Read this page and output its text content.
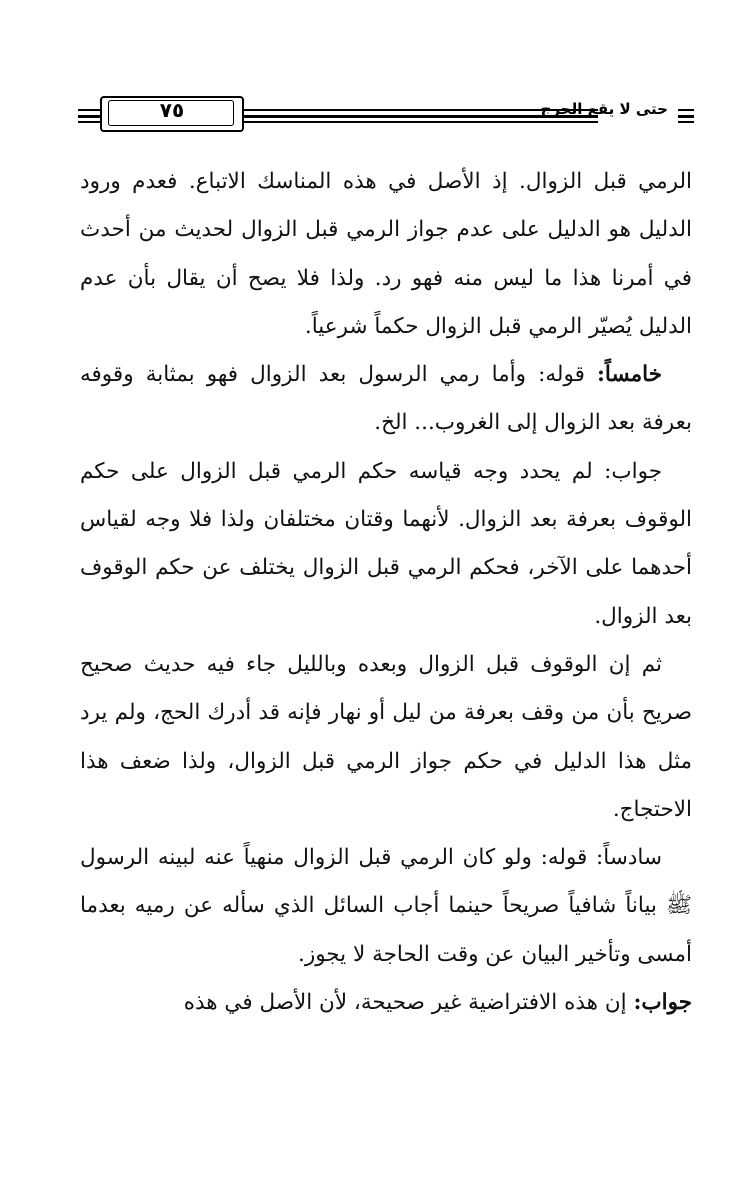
٧٥	حتى لا يقع الحرج

الرمي قبل الزوال. إذ الأصل في هذه المناسك الاتباع. فعدم ورود الدليل هو الدليل على عدم جواز الرمي قبل الزوال لحديث من أحدث في أمرنا هذا ما ليس منه فهو رد. ولذا فلا يصح أن يقال بأن عدم الدليل يُصيّر الرمي قبل الزوال حكماً شرعياً.

خامساً: قوله: وأما رمي الرسول بعد الزوال فهو بمثابة وقوفه بعرفة بعد الزوال إلى الغروب... الخ.

جواب: لم يحدد وجه قياسه حكم الرمي قبل الزوال على حكم الوقوف بعرفة بعد الزوال. لأنهما وقتان مختلفان ولذا فلا وجه لقياس أحدهما على الآخر، فحكم الرمي قبل الزوال يختلف عن حكم الوقوف بعد الزوال.

ثم إن الوقوف قبل الزوال وبعده وبالليل جاء فيه حديث صحيح صريح بأن من وقف بعرفة من ليل أو نهار فإنه قد أدرك الحج، ولم يرد مثل هذا الدليل في حكم جواز الرمي قبل الزوال، ولذا ضعف هذا الاحتجاج.

سادساً: قوله: ولو كان الرمي قبل الزوال منهياً عنه لبينه الرسول ﷺ بياناً شافياً صريحاً حينما أجاب السائل الذي سأله عن رميه بعدما أمسى وتأخير البيان عن وقت الحاجة لا يجوز.

جواب: إن هذه الافتراضية غير صحيحة، لأن الأصل في هذه
